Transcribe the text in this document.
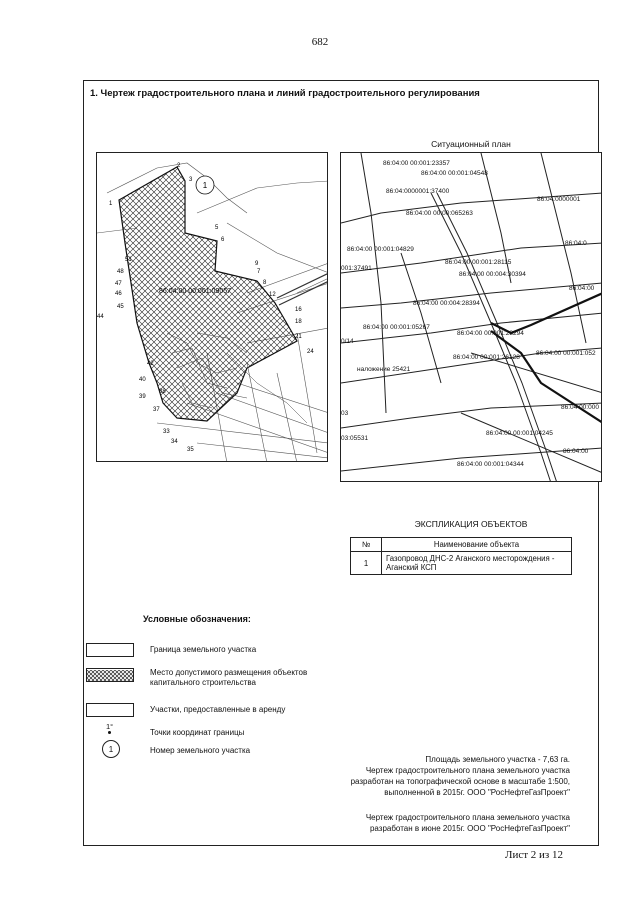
682
1. Чертеж градостроительного плана и линий градостроительного регулирования
Ситуационный план
1
86:04:00 00:001:09057
1
2
3
5
6
7
8
9
12
16
18
21
24
33
34
35
37
38
39
40
42
44
45
46
47
48
51
86:04:00 00:001:23357
86:04:00 00:001:04548
86:04:0000001:37400
86:04:0000001
86:04:00 00:00:065263
86:04:0
86:04:00 00:001:04829
001:37491
86:04:00 00:001:28115
86:04:00 00:004:30394
86:04:00
86:04:00 00:004:28394
86:04:00 00:001:05267
86:04:00 00:001:28294
86:04:00 00:001:26128
86:04:00 00:001:052
наложение 25421
86:04 00:000
86:04:00 00:001:04245
86:04:00 00:001:04344
86:04:00
03:05531
0/14
03
ЭКСПЛИКАЦИЯ ОБЪЕКТОВ
№	Наименование объекта
1	Газопровод ДНС-2 Аганского месторождения - Аганский КСП
Условные обозначения:
Граница земельного участка
Место допустимого размещения объектов капитального строительства
Участки, предоставленные в аренду
1°
Точки координат границы
1	Номер земельного участка
Площадь земельного участка - 7,63 га.
Чертеж градостроительного плана земельного участка
разработан на топографической основе в масштабе 1:500,
выполненной в 2015г. ООО "РосНефтеГазПроект"
Чертеж градостроительного плана земельного участка
разработан в июне 2015г. ООО "РосНефтеГазПроект"
Лист 2 из 12
